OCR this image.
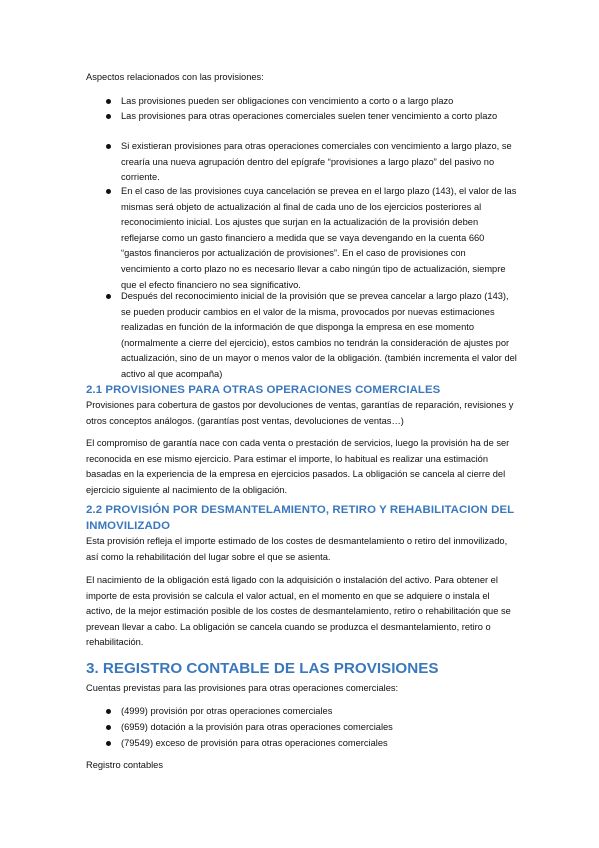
Aspectos relacionados con las provisiones:

Las provisiones pueden ser obligaciones con vencimiento a corto o a largo plazo

Las provisiones para otras operaciones comerciales suelen tener vencimiento a corto plazo

Si existieran provisiones para otras operaciones comerciales con vencimiento a largo plazo, se crearía una nueva agrupación dentro del epígrafe “provisiones a largo plazo” del pasivo no corriente.

En el caso de las provisiones cuya cancelación se prevea en el largo plazo (143), el valor de las mismas será objeto de actualización al final de cada uno de los ejercicios posteriores al reconocimiento inicial. Los ajustes que surjan en la actualización de la provisión deben reflejarse como un gasto financiero a medida que se vaya devengando en la cuenta 660 “gastos financieros por actualización de provisiones”. En el caso de provisiones con vencimiento a corto plazo no es necesario llevar a cabo ningún tipo de actualización, siempre que el efecto financiero no sea significativo.

Después del reconocimiento inicial de la provisión que se prevea cancelar a largo plazo (143), se pueden producir cambios en el valor de la misma, provocados por nuevas estimaciones realizadas en función de la información de que disponga la empresa en ese momento (normalmente a cierre del ejercicio), estos cambios no tendrán la consideración de ajustes por actualización, sino de un mayor o menos valor de la obligación. (también incrementa el valor del activo al que acompaña)

2.1 PROVISIONES PARA OTRAS OPERACIONES COMERCIALES

Provisiones para cobertura de gastos por devoluciones de ventas, garantías de reparación, revisiones y otros conceptos análogos. (garantías post ventas, devoluciones de ventas…)

El compromiso de garantía nace con cada venta o prestación de servicios, luego la provisión ha de ser reconocida en ese mismo ejercicio. Para estimar el importe, lo habitual es realizar una estimación basadas en la experiencia de la empresa en ejercicios pasados. La obligación se cancela al cierre del ejercicio siguiente al nacimiento de la obligación.

2.2 PROVISIÓN POR DESMANTELAMIENTO, RETIRO Y REHABILITACION DEL INMOVILIZADO

Esta provisión refleja el importe estimado de los costes de desmantelamiento o retiro del inmovilizado, así como la rehabilitación del lugar sobre el que se asienta.

El nacimiento de la obligación está ligado con la adquisición o instalación del activo. Para obtener el importe de esta provisión se calcula el valor actual, en el momento en que se adquiere o instala el activo, de la mejor estimación posible de los costes de desmantelamiento, retiro o rehabilitación que se prevean llevar a cabo. La obligación se cancela cuando se produzca el desmantelamiento, retiro o rehabilitación.

3. REGISTRO CONTABLE DE LAS PROVISIONES

Cuentas previstas para las provisiones para otras operaciones comerciales:

(4999) provisión por otras operaciones comerciales

(6959) dotación a la provisión para otras operaciones comerciales

(79549) exceso de provisión para otras operaciones comerciales

Registro contables
